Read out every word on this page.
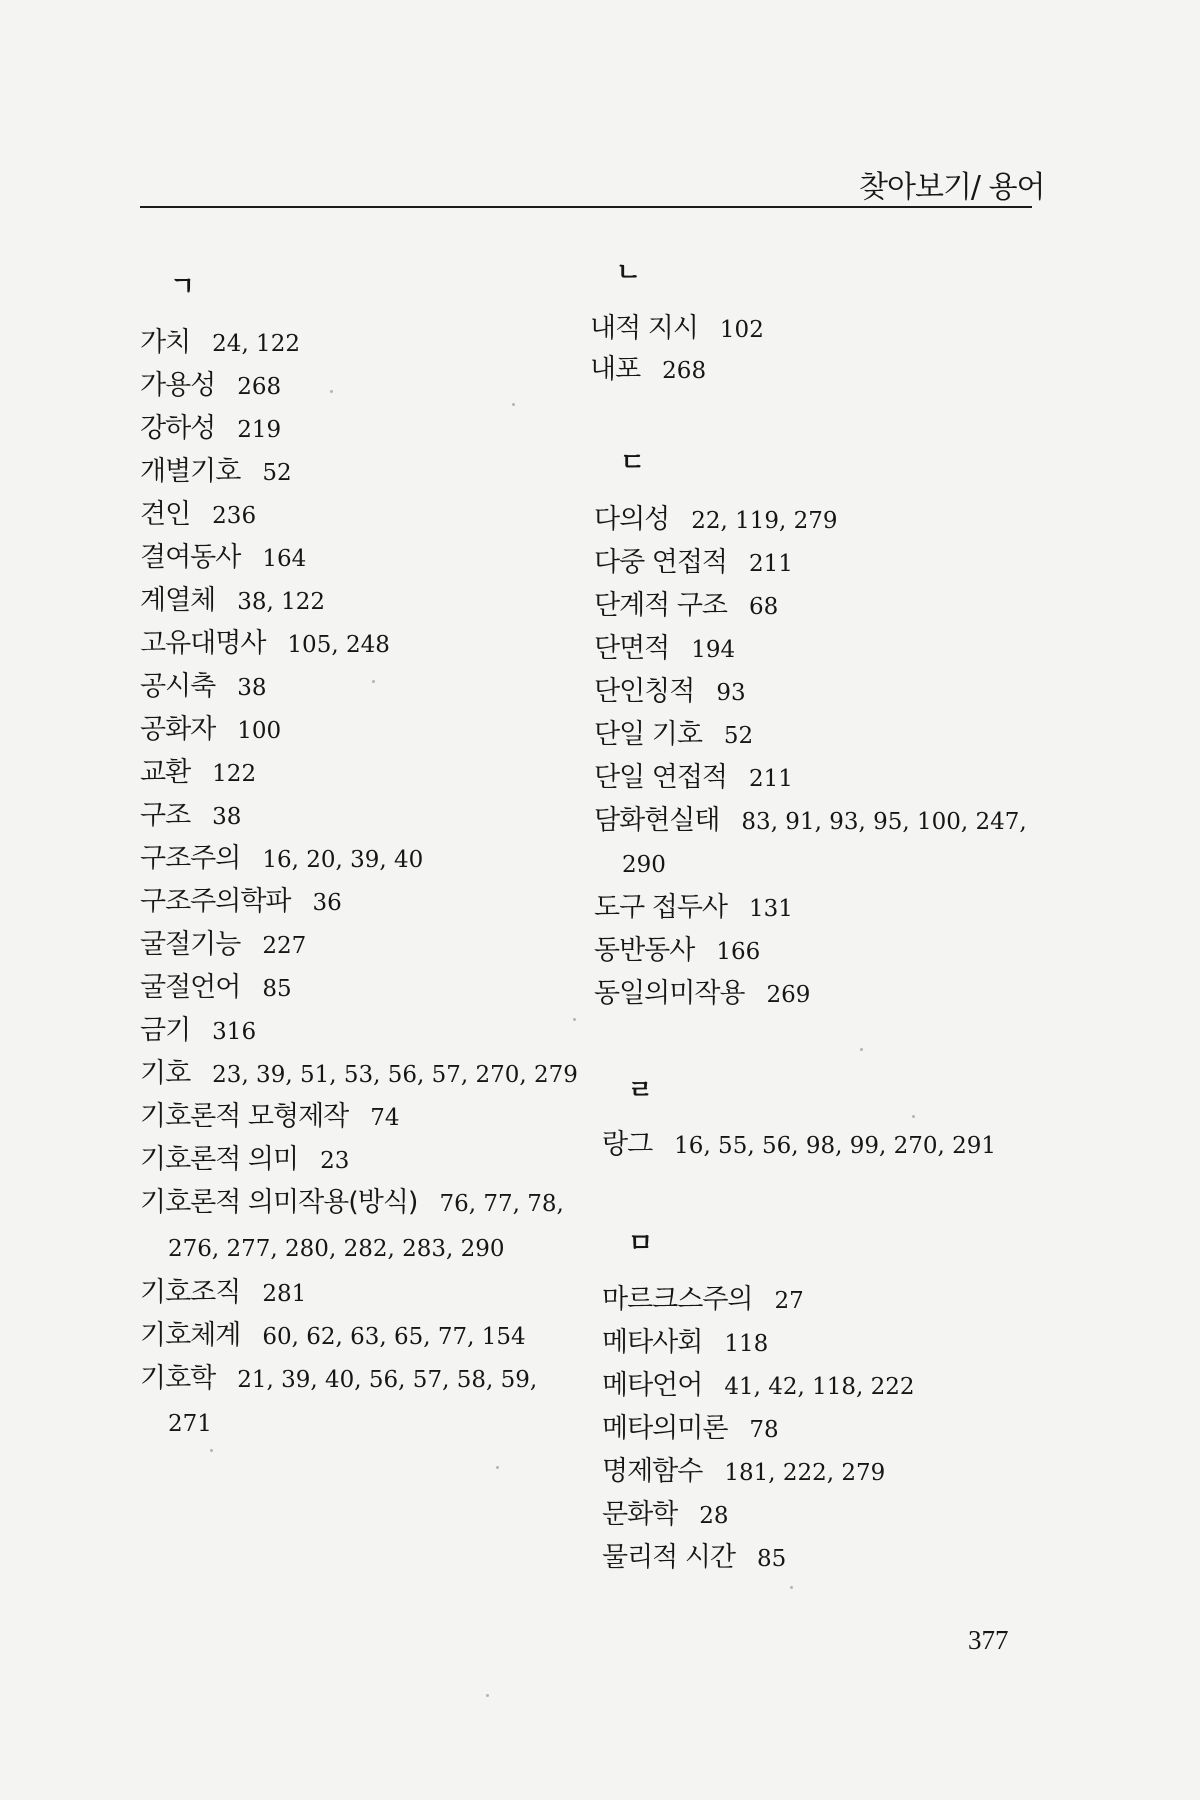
찾아보기/ 용어
ㄱ
가치 24, 122
가용성 268
강하성 219
개별기호 52
견인 236
결여동사 164
계열체 38, 122
고유대명사 105, 248
공시축 38
공화자 100
교환 122
구조 38
구조주의 16, 20, 39, 40
구조주의학파 36
굴절기능 227
굴절언어 85
금기 316
기호 23, 39, 51, 53, 56, 57, 270, 279
기호론적 모형제작 74
기호론적 의미 23
기호론적 의미작용(방식) 76, 77, 78,
276, 277, 280, 282, 283, 290
기호조직 281
기호체계 60, 62, 63, 65, 77, 154
기호학 21, 39, 40, 56, 57, 58, 59,
271
ㄴ
내적 지시 102
내포 268
ㄷ
다의성 22, 119, 279
다중 연접적 211
단계적 구조 68
단면적 194
단인칭적 93
단일 기호 52
단일 연접적 211
담화현실태 83, 91, 93, 95, 100, 247,
290
도구 접두사 131
동반동사 166
동일의미작용 269
ㄹ
랑그 16, 55, 56, 98, 99, 270, 291
ㅁ
마르크스주의 27
메타사회 118
메타언어 41, 42, 118, 222
메타의미론 78
명제함수 181, 222, 279
문화학 28
물리적 시간 85
377
